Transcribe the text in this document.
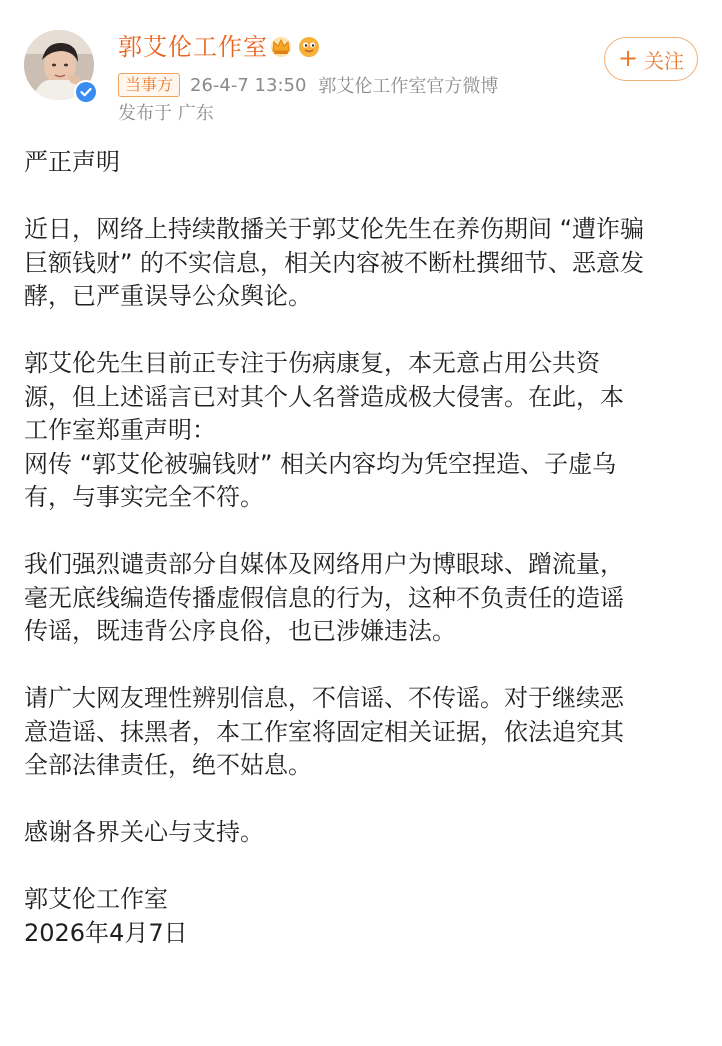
郭艾伦工作室
当事方 26-4-7 13:50 郭艾伦工作室官方微博
发布于 广东
+ 关注

严正声明

近日，网络上持续散播关于郭艾伦先生在养伤期间 “遭诈骗
巨额钱财” 的不实信息，相关内容被不断杜撰细节、恶意发
酵，已严重误导公众舆论。

郭艾伦先生目前正专注于伤病康复，本无意占用公共资
源，但上述谣言已对其个人名誉造成极大侵害。在此，本
工作室郑重声明：
网传 “郭艾伦被骗钱财” 相关内容均为凭空捏造、子虚乌
有，与事实完全不符。

我们强烈谴责部分自媒体及网络用户为博眼球、蹭流量，
毫无底线编造传播虚假信息的行为，这种不负责任的造谣
传谣，既违背公序良俗，也已涉嫌违法。

请广大网友理性辨别信息，不信谣、不传谣。对于继续恶
意造谣、抹黑者，本工作室将固定相关证据，依法追究其
全部法律责任，绝不姑息。

感谢各界关心与支持。

郭艾伦工作室
2026年4月7日
